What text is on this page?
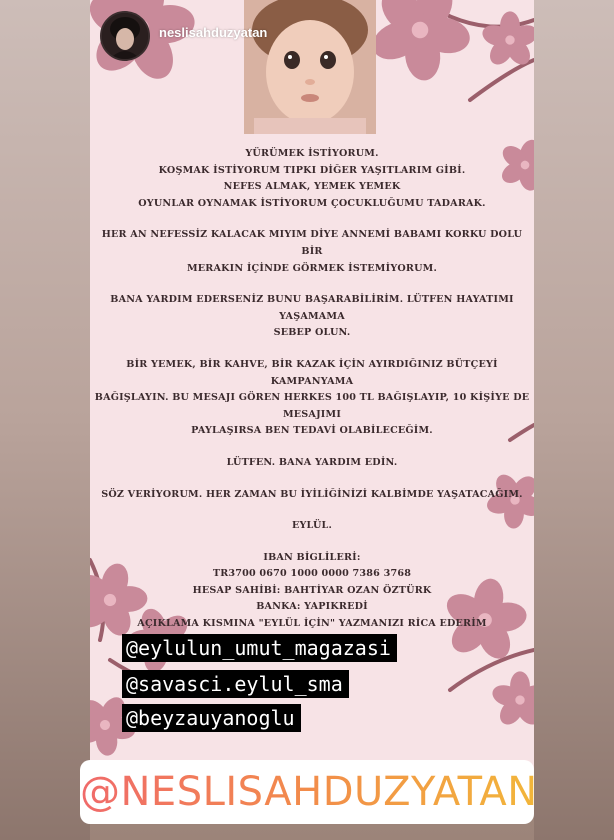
YÜRÜMEK İSTİYORUM.
KOŞMAK İSTİYORUM TIPKI DİĞER YAŞITLARIM GİBİ.
NEFES ALMAK, YEMEK YEMEK
OYUNLAR OYNAMAK İSTİYORUM ÇOCUKLUĞUMU TADARAK.
HER AN NEFESSİZ KALACAK MIYIM DİYE ANNEMİ BABAMI KORKU DOLU BİR
MERAKIN İÇİNDE GÖRMEK İSTEMİYORUM.
BANA YARDIM EDERSENİZ BUNU BAŞARABİLİRİM. LÜTFEN HAYATIMI YAŞAMAMA
SEBEP OLUN.
BİR YEMEK, BİR KAHVE, BİR KAZAK İÇİN AYIRDIĞINIZ BÜTÇEYİ KAMPANYAMA
BAĞIŞLAYIN. BU MESAJI GÖREN HERKES 100 TL BAĞIŞLAYIP, 10 KİŞİYE DE MESAJIMI
PAYLAŞIRSA BEN TEDAVİ OLABİLECEĞİM.
LÜTFEN. BANA YARDIM EDİN.
SÖZ VERİYORUM. HER ZAMAN BU İYİLİĞİNİZİ KALBİMDE YAŞATACAĞIM.
EYLÜL.
IBAN BİGLİLERİ:
TR3700 0670 1000 0000 7386 3768
HESAP SAHİBİ: BAHTİYAR OZAN ÖZTÜRK
BANKA: YAPIKREDİ
AÇIKLAMA KISMINA "EYLÜL İÇİN" YAZMANIZI RİCA EDERİM
neslisahduzyatan
@eylulun_umut_magazasi
@savasci.eylul_sma
@beyzauyanoglu
@NESLISAHDUZYATAN
